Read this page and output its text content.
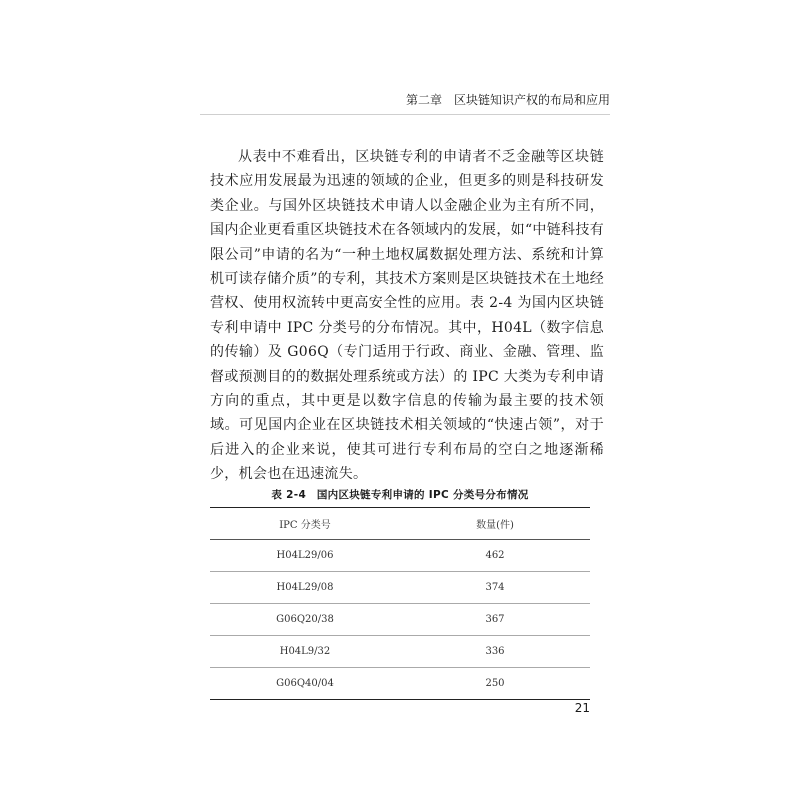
第二章　区块链知识产权的布局和应用

从表中不难看出，区块链专利的申请者不乏金融等区块链技术应用发展最为迅速的领域的企业，但更多的则是科技研发类企业。与国外区块链技术申请人以金融企业为主有所不同，国内企业更看重区块链技术在各领域内的发展，如“中链科技有限公司”申请的名为“一种土地权属数据处理方法、系统和计算机可读存储介质”的专利，其技术方案则是区块链技术在土地经营权、使用权流转中更高安全性的应用。表 2-4 为国内区块链专利申请中 IPC 分类号的分布情况。其中，H04L（数字信息的传输）及 G06Q（专门适用于行政、商业、金融、管理、监督或预测目的的数据处理系统或方法）的 IPC 大类为专利申请方向的重点，其中更是以数字信息的传输为最主要的技术领域。可见国内企业在区块链技术相关领域的“快速占领”，对于后进入的企业来说，使其可进行专利布局的空白之地逐渐稀少，机会也在迅速流失。

表 2-4　国内区块链专利申请的 IPC 分类号分布情况
IPC 分类号	数量(件)
H04L29/06	462
H04L29/08	374
G06Q20/38	367
H04L9/32	336
G06Q40/04	250
21
